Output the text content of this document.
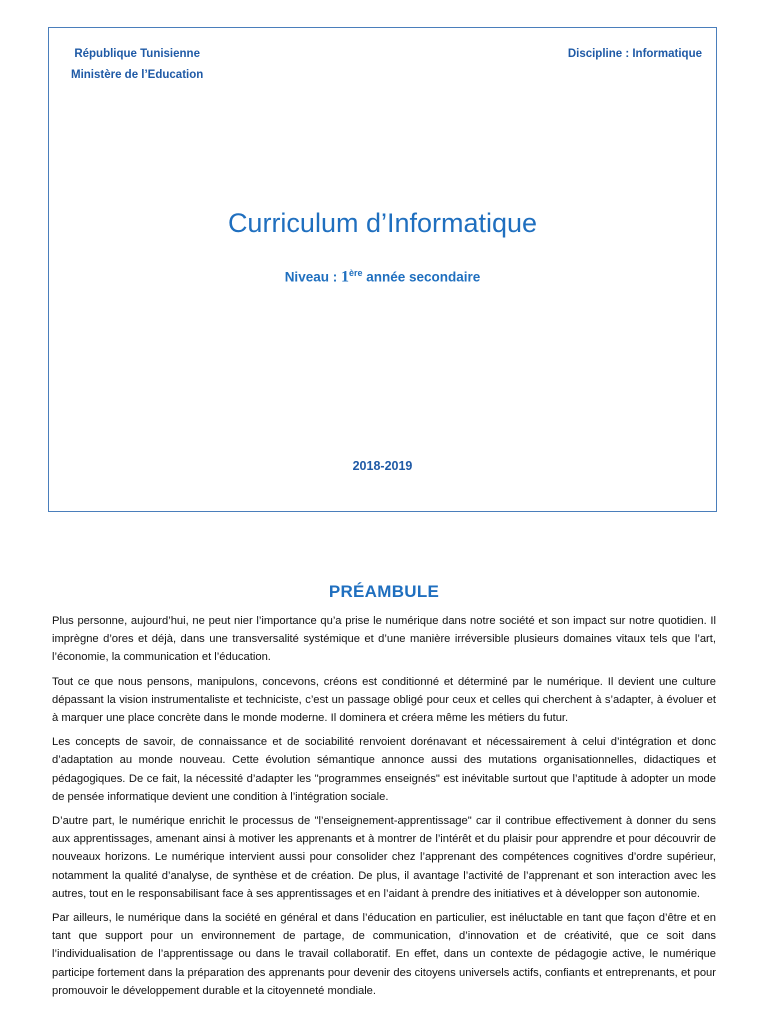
République Tunisienne
Ministère de l’Education
Discipline : Informatique
Curriculum d’Informatique
Niveau : 1ère année secondaire
2018-2019
PRÉAMBULE

Plus personne, aujourd’hui, ne peut nier l’importance qu’a prise le numérique dans notre société et son impact sur notre quotidien. Il imprègne d’ores et déjà, dans une transversalité systémique et d’une manière irréversible plusieurs domaines vitaux tels que l’art, l’économie, la communication et l’éducation.

Tout ce que nous pensons, manipulons, concevons, créons est conditionné et déterminé par le numérique. Il devient une culture dépassant la vision instrumentaliste et techniciste, c’est un passage obligé pour ceux et celles qui cherchent à s’adapter, à évoluer et à marquer une place concrète dans le monde moderne. Il dominera et créera même les métiers du futur.

Les concepts de savoir, de connaissance et de sociabilité renvoient dorénavant et nécessairement à celui d’intégration et donc d’adaptation au monde nouveau. Cette évolution sémantique annonce aussi des mutations organisationnelles, didactiques et pédagogiques. De ce fait, la nécessité d’adapter les "programmes enseignés" est inévitable surtout que l’aptitude à adopter un mode de pensée informatique devient une condition à l’intégration sociale.

D’autre part, le numérique enrichit le processus de "l’enseignement-apprentissage" car il contribue effectivement à donner du sens aux apprentissages, amenant ainsi à motiver les apprenants et à montrer de l’intérêt et du plaisir pour apprendre et pour découvrir de nouveaux horizons. Le numérique intervient aussi pour consolider chez l’apprenant des compétences cognitives d’ordre supérieur, notamment la qualité d’analyse, de synthèse et de création. De plus, il avantage l’activité de l’apprenant et son interaction avec les autres, tout en le responsabilisant face à ses apprentissages et en l’aidant à prendre des initiatives et à développer son autonomie.

Par ailleurs, le numérique dans la société en général et dans l’éducation en particulier, est inéluctable en tant que façon d’être et en tant que support pour un environnement de partage, de communication, d’innovation et de créativité, que ce soit dans l’individualisation de l’apprentissage ou dans le travail collaboratif. En effet, dans un contexte de pédagogie active, le numérique participe fortement dans la préparation des apprenants pour devenir des citoyens universels actifs, confiants et entreprenants, et pour promouvoir le développement durable et la citoyenneté mondiale.
